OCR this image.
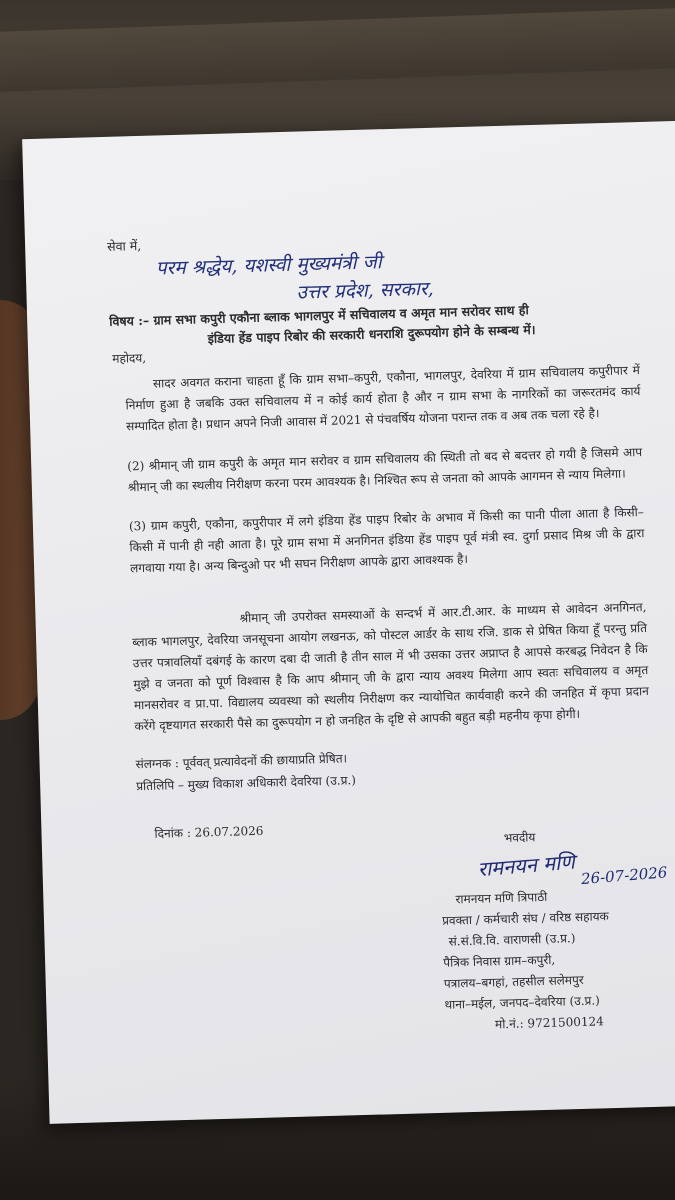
सेवा में,
परम श्रद्धेय, यशस्वी मुख्यमंत्री जी
उत्तर प्रदेश, सरकार,
विषय :– ग्राम सभा कपुरी एकौना ब्लाक भागलपुर में सचिवालय व अमृत मान सरोवर साथ ही
इंडिया हेंड पाइप रिबोर की सरकारी धनराशि दुरूपयोग होने के सम्बन्ध में।
महोदय,
सादर अवगत कराना चाहता हूँ कि ग्राम सभा–कपुरी, एकौना, भागलपुर, देवरिया में ग्राम सचिवालय कपुरीपार में निर्माण हुआ है जबकि उक्त सचिवालय में न कोई कार्य होता है और न ग्राम सभा के नागरिकों का जरूरतमंद कार्य सम्पादित होता है। प्रधान अपने निजी आवास में 2021 से पंचवर्षिय योजना परान्त तक व अब तक चला रहे है।
(2) श्रीमान् जी ग्राम कपुरी के अमृत मान सरोवर व ग्राम सचिवालय की स्थिती तो बद से बदत्तर हो गयी है जिसमे आप श्रीमान् जी का स्थलीय निरीक्षण करना परम आवश्यक है। निश्चित रूप से जनता को आपके आगमन से न्याय मिलेगा।
(3) ग्राम कपुरी, एकौना, कपुरीपार में लगे इंडिया हेंड पाइप रिबोर के अभाव में किसी का पानी पीला आता है किसी–किसी में पानी ही नही आता है। पूरे ग्राम सभा में अनगिनत इंडिया हेंड पाइप पूर्व मंत्री स्व. दुर्गा प्रसाद मिश्र जी के द्वारा लगवाया गया है। अन्य बिन्दुओ पर भी सघन निरीक्षण आपके द्वारा आवश्यक है।
श्रीमान् जी उपरोक्त समस्याओं के सन्दर्भ में आर.टी.आर. के माध्यम से आवेदन अनगिनत, ब्लाक भागलपुर, देवरिया जनसूचना आयोग लखनऊ, को पोस्टल आर्डर के साथ रजि. डाक से प्रेषित किया हूँ परन्तु प्रति उत्तर पत्रावलियाँ दबंगई के कारण दबा दी जाती है तीन साल में भी उसका उत्तर अप्राप्त है आपसे करबद्ध निवेदन है कि मुझे व जनता को पूर्ण विश्वास है कि आप श्रीमान् जी के द्वारा न्याय अवश्य मिलेगा आप स्वतः सचिवालय व अमृत मानसरोवर व प्रा.पा. विद्यालय व्यवस्था को स्थलीय निरीक्षण कर न्यायोचित कार्यवाही करने की जनहित में कृपा प्रदान करेंगे दृष्टयागत सरकारी पैसे का दुरूपयोग न हो जनहित के दृष्टि से आपकी बहुत बड़ी महनीय कृपा होगी।
संलग्नक : पूर्ववत् प्रत्यावेदनों की छायाप्रति प्रेषित।
प्रतिलिपि – मुख्य विकाश अधिकारी देवरिया (उ.प्र.)
दिनांक : 26.07.2026	भवदीय
रामनयन मणि 26-07-2026
रामनयन मणि त्रिपाठी
प्रवक्ता / कर्मचारी संघ / वरिष्ठ सहायक
सं.सं.वि.वि. वाराणसी (उ.प्र.)
पैत्रिक निवास ग्राम–कपुरी,
पत्रालय–बगहां, तहसील सलेमपुर
थाना–मईल, जनपद–देवरिया (उ.प्र.)
मो.नं.: 9721500124
